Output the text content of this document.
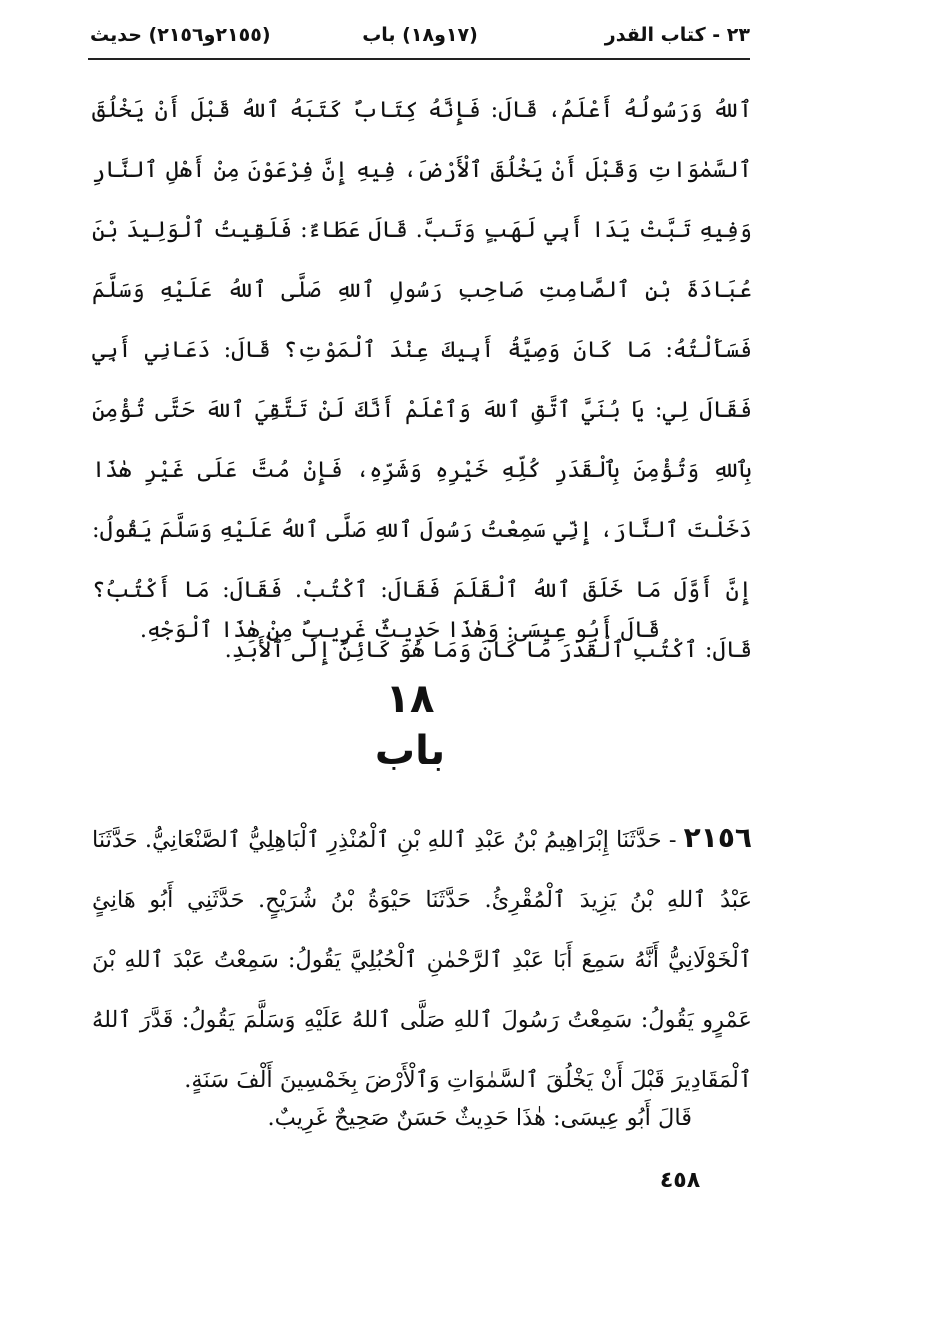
٢٣ - كتاب القدر
(١٧و١٨) باب
(٢١٥٥و٢١٥٦) حديث
ٱللهُ وَرَسُولُهُ أَعْلَمُ، قَالَ: فَإِنَّهُ كِتَابٌ كَتَبَهُ ٱللهُ قَبْلَ أَنْ يَخْلُقَ ٱلسَّمٰوَاتِ وَقَبْلَ أَنْ يَخْلُقَ ٱلْأَرْضَ، فِيهِ إِنَّ فِرْعَوْنَ مِنْ أَهْلِ ٱلنَّارِ وَفِيهِ تَبَّتْ يَدَا أَبِي لَهَبٍ وَتَبَّ. قَالَ عَطَاءٌ: فَلَقِيتُ ٱلْوَلِيدَ بْنَ عُبَادَةَ بْنِ ٱلصَّامِتِ صَاحِبِ رَسُولِ ٱللهِ صَلَّى ٱللهُ عَلَيْهِ وَسَلَّمَ فَسَأَلْتُهُ: مَا كَانَ وَصِيَّةُ أَبِيكَ عِنْدَ ٱلْمَوْتِ؟ قَالَ: دَعَانِي أَبِي فَقَالَ لِي: يَا بُنَيَّ ٱتَّقِ ٱللهَ وَٱعْلَمْ أَنَّكَ لَنْ تَتَّقِيَ ٱللهَ حَتَّى تُؤْمِنَ بِٱللهِ وَتُؤْمِنَ بِٱلْقَدَرِ كُلِّهِ خَيْرِهِ وَشَرِّهِ، فَإِنْ مُتَّ عَلَى غَيْرِ هٰذَا دَخَلْتَ ٱلنَّارَ، إِنِّي سَمِعْتُ رَسُولَ ٱللهِ صَلَّى ٱللهُ عَلَيْهِ وَسَلَّمَ يَقُولُ: إِنَّ أَوَّلَ مَا خَلَقَ ٱللهُ ٱلْقَلَمَ فَقَالَ: ٱكْتُبْ. فَقَالَ: مَا أَكْتُبُ؟ قَالَ: ٱكْتُبِ ٱلْقَدَرَ مَا كَانَ وَمَا هُوَ كَائِنٌ إِلَى ٱلْأَبَدِ.
قَالَ أَبُو عِيسَى: وَهٰذَا حَدِيثٌ غَرِيبٌ مِنْ هٰذَا ٱلْوَجْهِ.
١٨
باب
٢١٥٦ - حَدَّثَنَا إِبْرَاهِيمُ بْنُ عَبْدِ ٱللهِ بْنِ ٱلْمُنْذِرِ ٱلْبَاهِلِيُّ ٱلصَّنْعَانِيُّ. حَدَّثَنَا عَبْدُ ٱللهِ بْنُ يَزِيدَ ٱلْمُقْرِئُ. حَدَّثَنَا حَيْوَةُ بْنُ شُرَيْحٍ. حَدَّثَنِي أَبُو هَانِئٍ ٱلْخَوْلَانِيُّ أَنَّهُ سَمِعَ أَبَا عَبْدِ ٱلرَّحْمٰنِ ٱلْحُبُلِيَّ يَقُولُ: سَمِعْتُ عَبْدَ ٱللهِ بْنَ عَمْرٍو يَقُولُ: سَمِعْتُ رَسُولَ ٱللهِ صَلَّى ٱللهُ عَلَيْهِ وَسَلَّمَ يَقُولُ: قَدَّرَ ٱللهُ ٱلْمَقَادِيرَ قَبْلَ أَنْ يَخْلُقَ ٱلسَّمٰوَاتِ وَٱلْأَرْضَ بِخَمْسِينَ أَلْفَ سَنَةٍ.
قَالَ أَبُو عِيسَى: هٰذَا حَدِيثٌ حَسَنٌ صَحِيحٌ غَرِيبٌ.
٤٥٨
